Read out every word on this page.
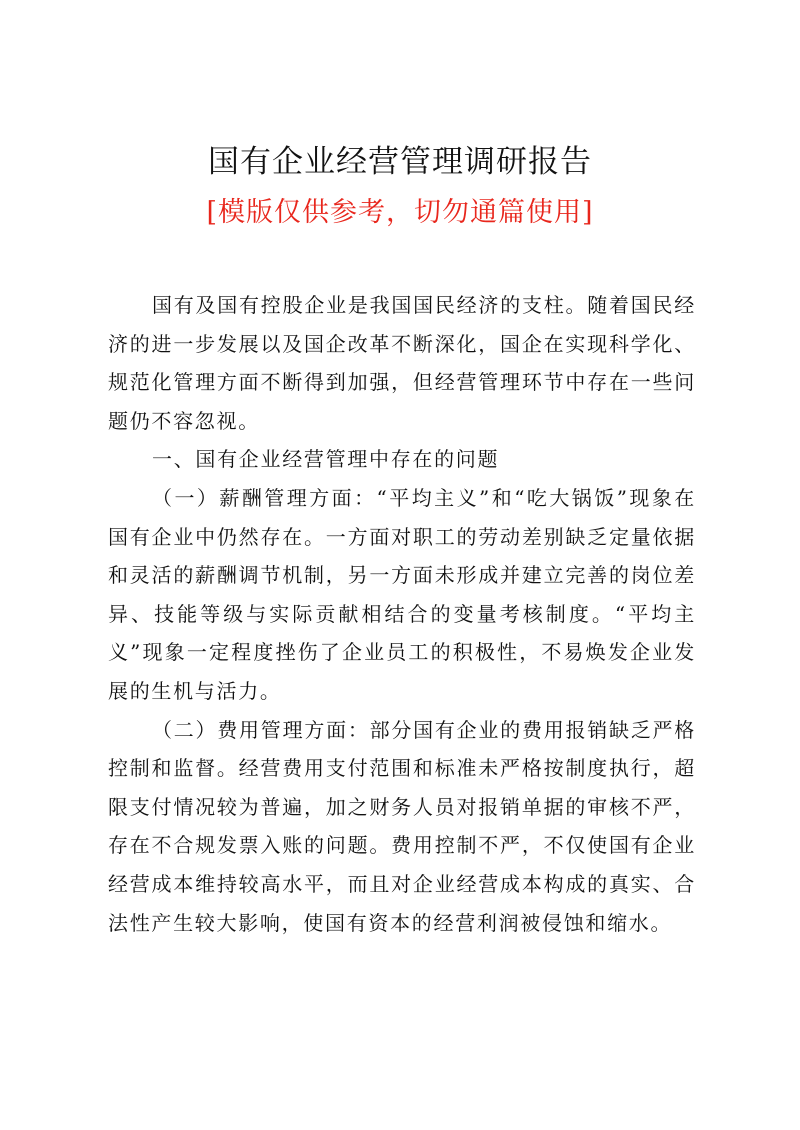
国有企业经营管理调研报告
[模版仅供参考，切勿通篇使用]

国有及国有控股企业是我国国民经济的支柱。随着国民经济的进一步发展以及国企改革不断深化，国企在实现科学化、规范化管理方面不断得到加强，但经营管理环节中存在一些问题仍不容忽视。

一、国有企业经营管理中存在的问题

（一）薪酬管理方面：“平均主义”和“吃大锅饭”现象在国有企业中仍然存在。一方面对职工的劳动差别缺乏定量依据和灵活的薪酬调节机制，另一方面未形成并建立完善的岗位差异、技能等级与实际贡献相结合的变量考核制度。“平均主义”现象一定程度挫伤了企业员工的积极性，不易焕发企业发展的生机与活力。

（二）费用管理方面：部分国有企业的费用报销缺乏严格控制和监督。经营费用支付范围和标准未严格按制度执行，超限支付情况较为普遍，加之财务人员对报销单据的审核不严，存在不合规发票入账的问题。费用控制不严，不仅使国有企业经营成本维持较高水平，而且对企业经营成本构成的真实、合法性产生较大影响，使国有资本的经营利润被侵蚀和缩水。
